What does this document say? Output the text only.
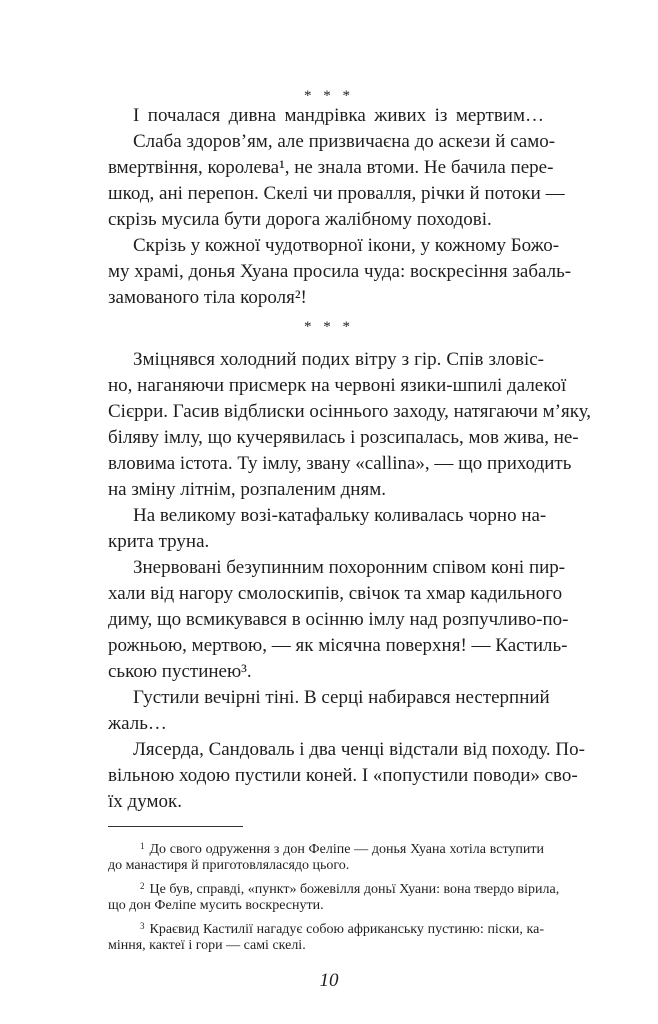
* * *
І почалася дивна мандрівка живих із мертвим…
Слаба здоров’ям, але призвичаєна до аскези й само-
вмертвіння, королева¹, не знала втоми. Не бачила пере-
шкод, ані перепон. Скелі чи провалля, річки й потоки —
скрізь мусила бути дорога жалібному походові.
Скрізь у кожної чудотворної ікони, у кожному Божо-
му храмі, донья Хуана просила чуда: воскресіння забаль-
замованого тіла короля²!
* * *
Зміцнявся холодний подих вітру з гір. Спів зловіс-
но, наганяючи присмерк на червоні язики-шпилі далекої
Сієрри. Гасив відблиски осіннього заходу, натягаючи м’яку,
біляву імлу, що кучерявилась і розсипалась, мов жива, не-
вловима істота. Ту імлу, звану «callina», — що приходить
на зміну літнім, розпаленим дням.
На великому возі-катафальку коливалась чорно на-
крита труна.
Знервовані безупинним похоронним співом коні пир-
хали від нагору смолоскипів, свічок та хмар кадильного
диму, що всмикувався в осінню імлу над розпучливо-по-
рожньою, мертвою, — як місячна поверхня! — Кастиль-
ською пустинею³.
Густили вечірні тіні. В серці набирався нестерпний
жаль…
Лясерда, Сандоваль і два ченці відстали від походу. По-
вільною ходою пустили коней. І «попустили поводи» сво-
їх думок.
$^1$ До свого одруження з дон Феліпе — донья Хуана хотіла вступити
до манастиря й приготовляласядо цього.
$^2$ Це був, справді, «пункт» божевілля доньї Хуани: вона твердо вірила,
що дон Феліпе мусить воскреснути.
$^3$ Краєвид Кастилії нагадує собою африканську пустиню: піски, ка-
міння, кактеї і гори — самі скелі.
10
